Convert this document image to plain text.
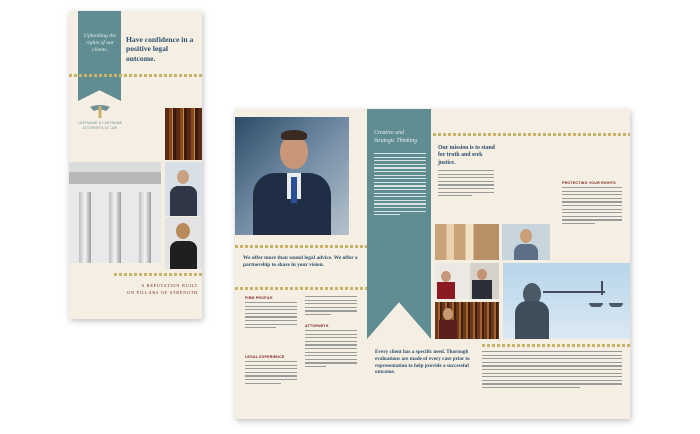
Upholding the rights of our clients.
Have confidence in a positive legal outcome.
LASTNAME & LASTNAME
ATTORNEYS AT LAW
A REPUTATION BUILT
ON PILLARS OF STRENGTH
We offer more than sound legal advice. We offer a partnership to share in your vision.
FIRM PROFILE
LEGAL EXPERIENCE
ATTORNEYS
Creative and Strategic Thinking
Every client has a specific need. Thorough evaluations are made of every case prior to representation to help provide a successful outcome.
Our mission is to stand for truth and seek justice.
PROTECTING YOUR RIGHTS
